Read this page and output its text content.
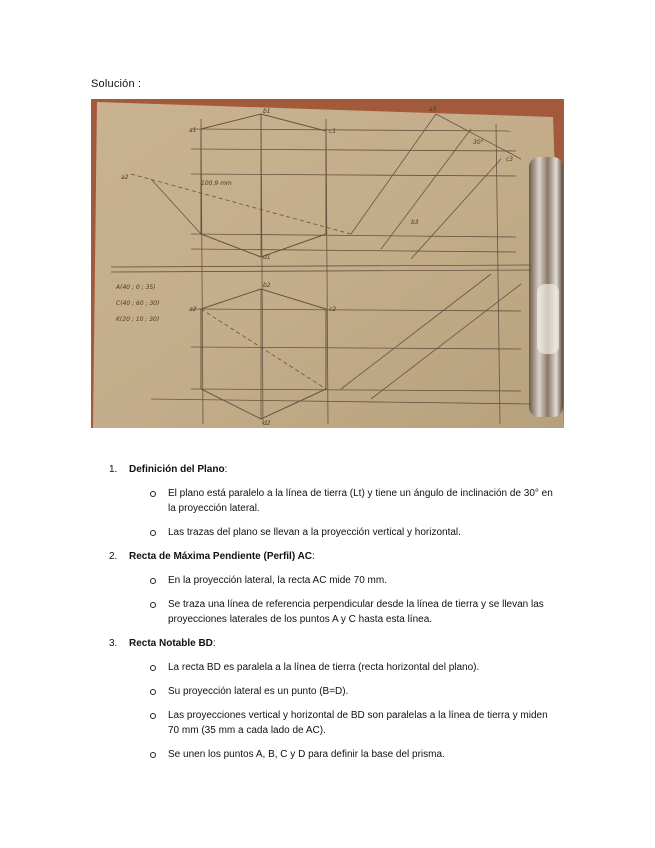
Solución :
a1
b1
c1
d1
a2	c2
b2
d2
a3
c3
b3
a2
100.9 mm
30°
A(40 ; 0 ; 35)
C(40 ; 60 ; 30)
K(20 ; 10 ; 30)
1. Definición del Plano:
El plano está paralelo a la línea de tierra (Lt) y tiene un ángulo de inclinación de 30° en la proyección lateral.
Las trazas del plano se llevan a la proyección vertical y horizontal.
2. Recta de Máxima Pendiente (Perfil) AC:
En la proyección lateral, la recta AC mide 70 mm.
Se traza una línea de referencia perpendicular desde la línea de tierra y se llevan las proyecciones laterales de los puntos A y C hasta esta línea.
3. Recta Notable BD:
La recta BD es paralela a la línea de tierra (recta horizontal del plano).
Su proyección lateral es un punto (B=D).
Las proyecciones vertical y horizontal de BD son paralelas a la línea de tierra y miden 70 mm (35 mm a cada lado de AC).
Se unen los puntos A, B, C y D para definir la base del prisma.
